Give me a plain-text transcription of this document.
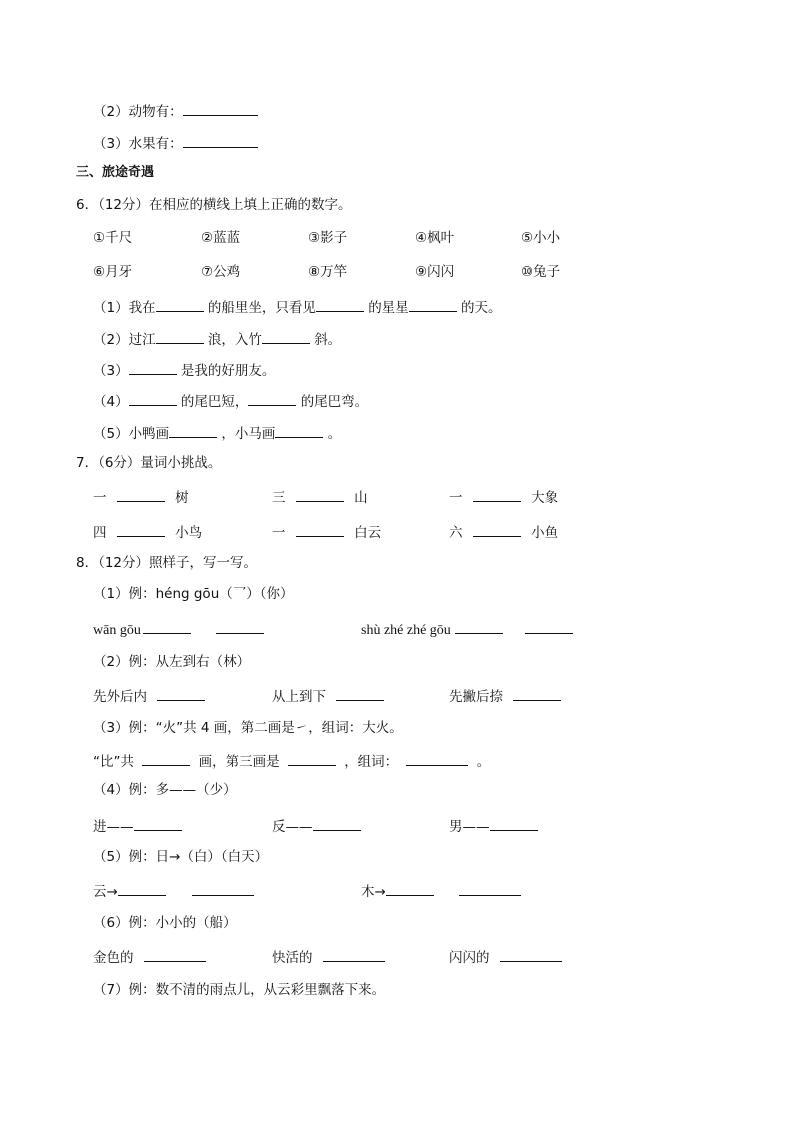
（2）动物有：
（3）水果有：
三、旅途奇遇
6．（12分）在相应的横线上填上正确的数字。
①千尺	②蓝蓝	③影子	④枫叶	⑤小小
⑥月牙	⑦公鸡	⑧万竿	⑨闪闪	⑩兔子
（1）我在	的船里坐，只看见	的星星	的天。
（2）过江	浪，入竹	斜。
（3）	是我的好朋友。
（4）	的尾巴短，	的尾巴弯。
（5）小鸭画	，小马画	。
7．（6分）量词小挑战。
一	树	三	山	一	大象
四	小鸟	一	白云	六	小鱼
8．（12分）照样子，写一写。
（1）例：héng gōu（乛）（你）
wān gōu	shù zhé zhé gōu
（2）例：从左到右（林）
先外后内	从上到下	先撇后捺
（3）例：“火”共 4 画，第二画是㇀，组词：大火。
“比”共	画，第三画是	，组词：	。
（4）例：多——（少）
进——	反——	男——
（5）例：日→（白）（白天）
云→	木→
（6）例：小小的（船）
金色的	快活的	闪闪的
（7）例：数不清的雨点儿，从云彩里飘落下来。
